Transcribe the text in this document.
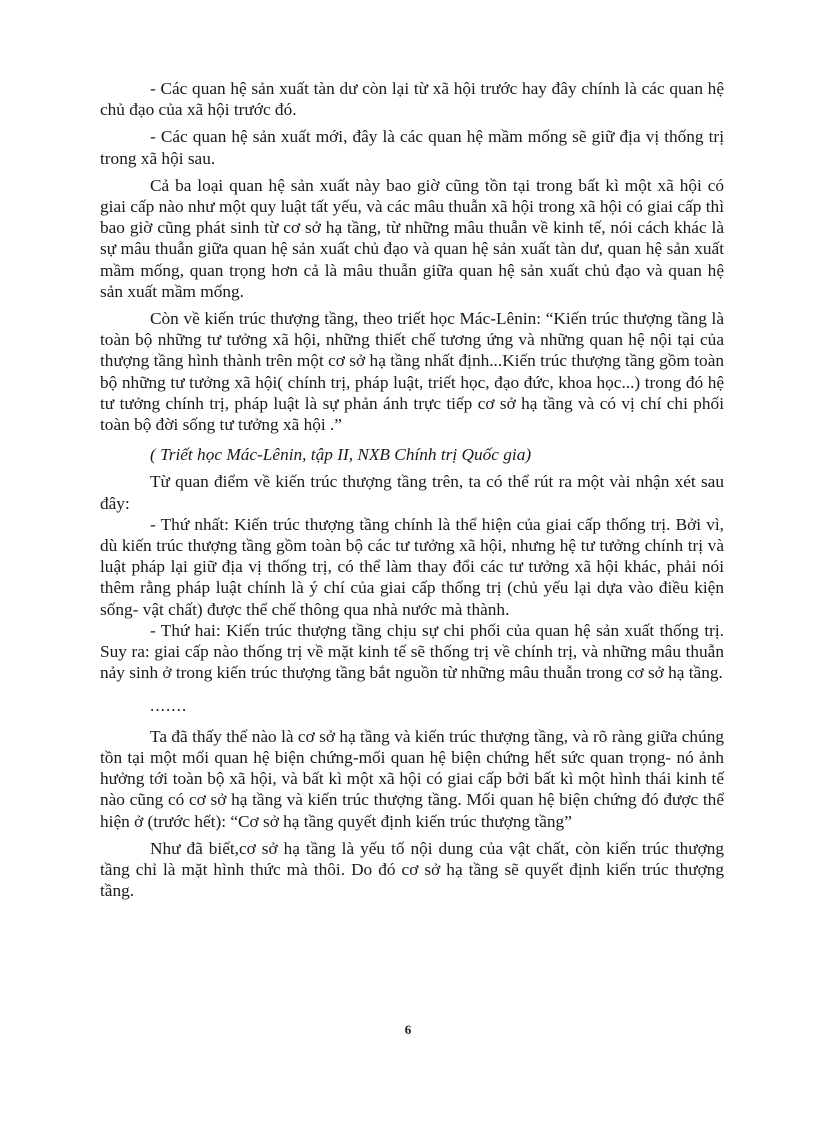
- Các quan hệ sản xuất tàn dư còn lại từ xã hội trước hay đây chính là các quan hệ chủ đạo của xã hội trước đó.

- Các quan hệ sản xuất mới, đây là các quan hệ mầm mống sẽ giữ địa vị thống trị trong xã hội sau.

Cả ba loại quan hệ sản xuất này bao giờ cũng tồn tại trong bất kì một xã hội có giai cấp nào như một quy luật tất yếu, và các mâu thuẫn xã hội trong xã hội có giai cấp thì bao giờ cũng phát sinh từ cơ sở hạ tầng, từ những mâu thuẫn về kinh tế, nói cách khác là sự mâu thuẫn giữa quan hệ sản xuất chủ đạo và quan hệ sản xuất tàn dư, quan hệ sản xuất mầm mống, quan trọng hơn cả là mâu thuẫn giữa quan hệ sản xuất chủ đạo và quan hệ sản xuất mầm mống.

Còn về kiến trúc thượng tầng, theo triết học Mác-Lênin: “Kiến trúc thượng tầng là toàn bộ những tư tưởng xã hội, những thiết chế tương ứng và những quan hệ nội tại của thượng tầng hình thành trên một cơ sở hạ tầng nhất định...Kiến trúc thượng tầng gồm toàn bộ những tư tưởng xã hội( chính trị, pháp luật, triết học, đạo đức, khoa học...) trong đó hệ tư tưởng chính trị, pháp luật là sự phản ánh trực tiếp cơ sở hạ tầng và có vị chí chi phối toàn bộ đời sống tư tưởng xã hội .”

( Triết học Mác-Lênin, tập II, NXB Chính trị Quốc gia)

Từ quan điểm về kiến trúc thượng tầng trên, ta có thể rút ra một vài nhận xét sau đây:

- Thứ nhất: Kiến trúc thượng tầng chính là thể hiện của giai cấp thống trị. Bởi vì, dù kiến trúc thượng tầng gồm toàn bộ các tư tưởng xã hội, nhưng hệ tư tưởng chính trị và luật pháp lại giữ địa vị thống trị, có thể làm thay đổi các tư tưởng xã hội khác, phải nói thêm rằng pháp luật chính là ý chí của giai cấp thống trị (chủ yếu lại dựa vào điều kiện sống- vật chất) được thể chế thông qua nhà nước mà thành.

- Thứ hai: Kiến trúc thượng tầng chịu sự chi phối của quan hệ sản xuất thống trị. Suy ra: giai cấp nào thống trị về mặt kinh tế sẽ thống trị về chính trị, và những mâu thuẫn nảy sinh ở trong kiến trúc thượng tầng bắt nguồn từ những mâu thuẫn trong cơ sở hạ tầng.

.......

Ta đã thấy thế nào là cơ sở hạ tầng và kiến trúc thượng tầng, và rõ ràng giữa chúng tồn tại một mối quan hệ biện chứng-mối quan hệ biện chứng hết sức quan trọng- nó ảnh hưởng tới toàn bộ xã hội, và bất kì một xã hội có giai cấp bởi bất kì một hình thái kinh tế nào cũng có cơ sở hạ tầng và kiến trúc thượng tầng. Mối quan hệ biện chứng đó được thể hiện ở (trước hết): “Cơ sở hạ tầng quyết định kiến trúc thượng tầng”

Như đã biết,cơ sở hạ tầng là yếu tố nội dung của vật chất, còn kiến trúc thượng tầng chỉ là mặt hình thức mà thôi. Do đó cơ sở hạ tầng sẽ quyết định kiến trúc thượng tầng.

6
